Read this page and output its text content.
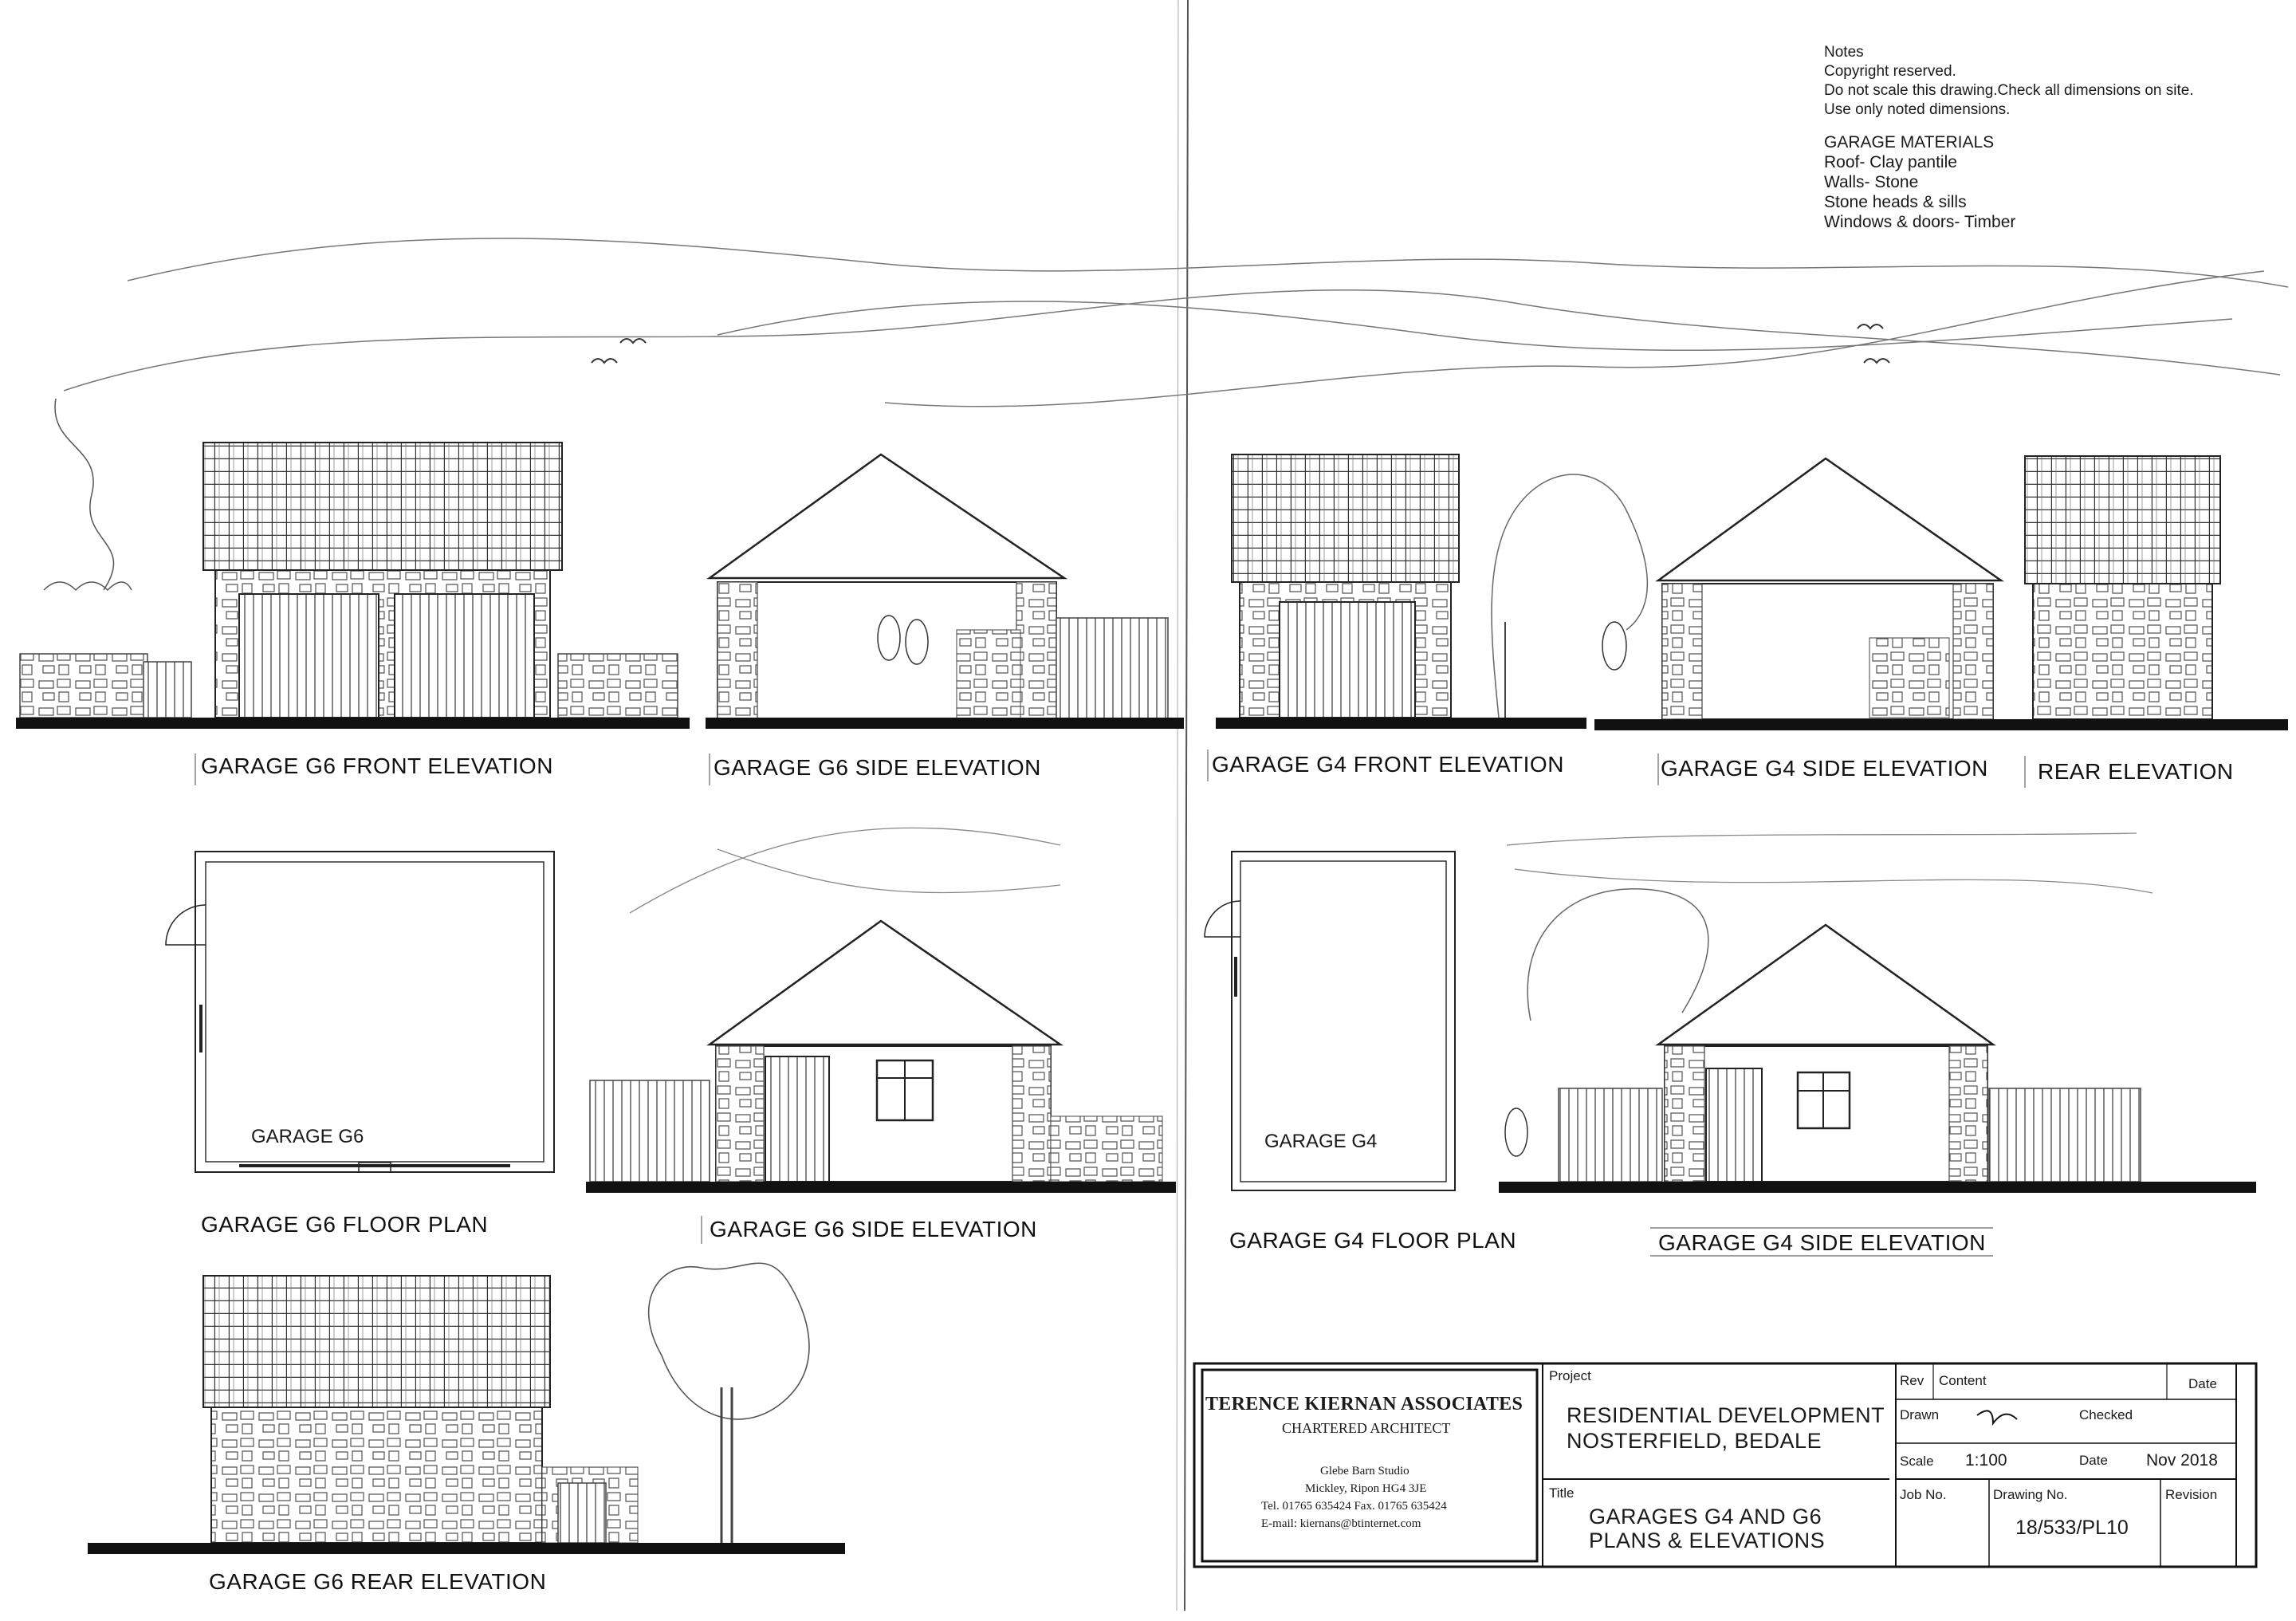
Notes
Copyright reserved.
Do not scale this drawing.Check all dimensions on site.
Use only noted dimensions.
GARAGE MATERIALS
Roof- Clay pantile
Walls- Stone
Stone heads & sills
Windows & doors- Timber
GARAGE G6 FRONT ELEVATION	GARAGE G6 SIDE ELEVATION	GARAGE G4 FRONT ELEVATION	GARAGE G4 SIDE ELEVATION REAR ELEVATION
GARAGE G6 FLOOR PLAN	GARAGE G6 SIDE ELEVATION	GARAGE G4 FLOOR PLAN	GARAGE G4 SIDE ELEVATION
GARAGE G6 REAR ELEVATION
GARAGE G6	GARAGE G4
TERENCE KIERNAN ASSOCIATES
CHARTERED ARCHITECT
Glebe Barn Studio
Mickley, Ripon HG4 3JE
Tel. 01765 635424 Fax. 01765 635424
E-mail: kiernans@btinternet.com
Project
RESIDENTIAL DEVELOPMENT
NOSTERFIELD, BEDALE
Title
GARAGES G4 AND G6
PLANS & ELEVATIONS
Rev Content	Date
Drawn	Checked
Scale 1:100	Date Nov 2018
Job No.	Drawing No.
18/533/PL10
Revision
